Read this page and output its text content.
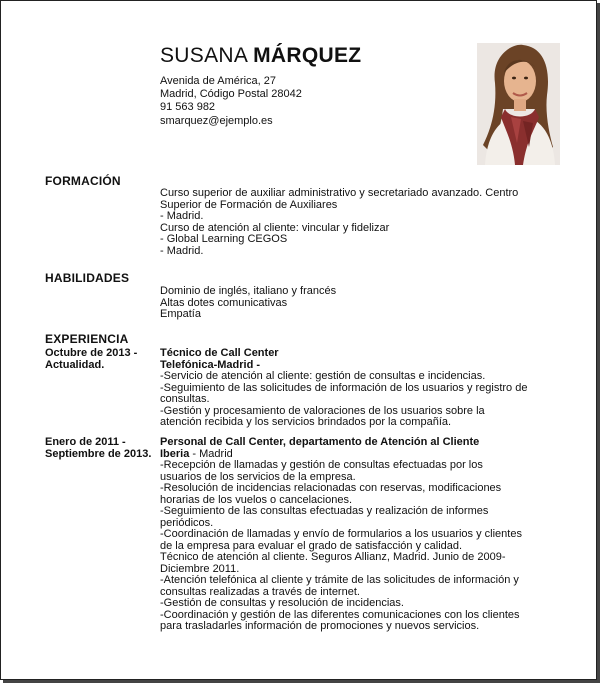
SUSANA MÁRQUEZ
Avenida de América, 27
Madrid, Código Postal 28042
91 563 982
smarquez@ejemplo.es
FORMACIÓN
Curso superior de auxiliar administrativo y secretariado avanzado. Centro
Superior de Formación de Auxiliares
- Madrid.
Curso de atención al cliente: vincular y fidelizar
- Global Learning CEGOS
- Madrid.
HABILIDADES
Dominio de inglés, italiano y francés
Altas dotes comunicativas
Empatía
EXPERIENCIA
Octubre de 2013 -
Actualidad.
Técnico de Call Center
Telefónica-Madrid -
-Servicio de atención al cliente: gestión de consultas e incidencias.
-Seguimiento de las solicitudes de información de los usuarios y registro de
consultas.
-Gestión y procesamiento de valoraciones de los usuarios sobre la
atención recibida y los servicios brindados por la compañía.
Enero de 2011 -
Septiembre de 2013.
Personal de Call Center, departamento de Atención al Cliente
Iberia - Madrid
-Recepción de llamadas y gestión de consultas efectuadas por los
usuarios de los servicios de la empresa.
-Resolución de incidencias relacionadas con reservas, modificaciones
horarias de los vuelos o cancelaciones.
-Seguimiento de las consultas efectuadas y realización de informes
periódicos.
-Coordinación de llamadas y envío de formularios a los usuarios y clientes
de la empresa para evaluar el grado de satisfacción y calidad.
Técnico de atención al cliente. Seguros Allianz, Madrid. Junio de 2009-
Diciembre 2011.
-Atención telefónica al cliente y trámite de las solicitudes de información y
consultas realizadas a través de internet.
-Gestión de consultas y resolución de incidencias.
-Coordinación y gestión de las diferentes comunicaciones con los clientes
para trasladarles información de promociones y nuevos servicios.
